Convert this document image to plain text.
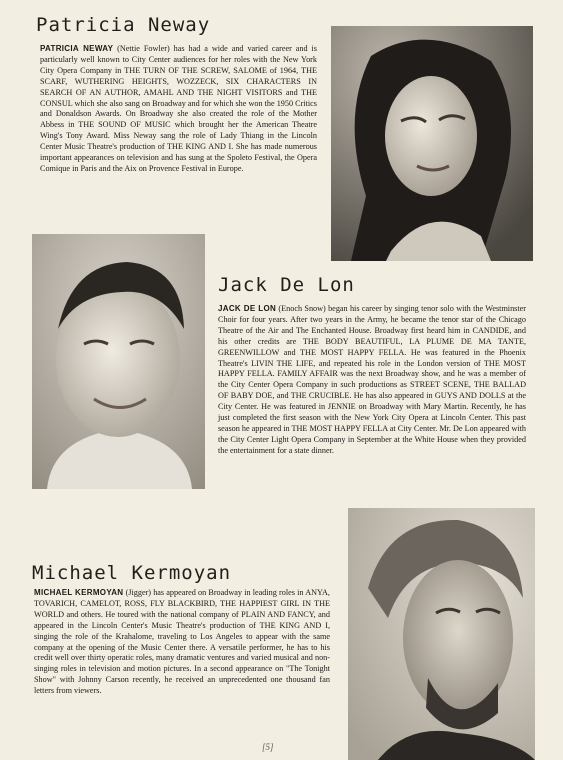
Patricia Neway

PATRICIA NEWAY (Nettie Fowler) has had a wide and varied career and is particularly well known to City Center audiences for her roles with the New York City Opera Company in THE TURN OF THE SCREW, SALOME of 1964, THE SCARF, WUTHERING HEIGHTS, WOZZECK, SIX CHARACTERS IN SEARCH OF AN AUTHOR, AMAHL AND THE NIGHT VISITORS and THE CONSUL which she also sang on Broadway and for which she won the 1950 Critics and Donaldson Awards. On Broadway she also created the role of the Mother Abbess in THE SOUND OF MUSIC which brought her the American Theatre Wing's Tony Award. Miss Neway sang the role of Lady Thiang in the Lincoln Center Music Theatre's production of THE KING AND I. She has made numerous important appearances on television and has sung at the Spoleto Festival, the Opera Comique in Paris and the Aix on Provence Festival in Europe.

Jack De Lon

JACK DE LON (Enoch Snow) began his career by singing tenor solo with the Westminster Choir for four years. After two years in the Army, he became the tenor star of the Chicago Theatre of the Air and The Enchanted House. Broadway first heard him in CANDIDE, and his other credits are THE BODY BEAUTIFUL, LA PLUME DE MA TANTE, GREENWILLOW and THE MOST HAPPY FELLA. He was featured in the Phoenix Theatre's LIVIN THE LIFE, and repeated his role in the London version of THE MOST HAPPY FELLA. FAMILY AFFAIR was the next Broadway show, and he was a member of the City Center Opera Company in such productions as STREET SCENE, THE BALLAD OF BABY DOE, and THE CRUCIBLE. He has also appeared in GUYS AND DOLLS at the City Center. He was featured in JENNIE on Broadway with Mary Martin. Recently, he has just completed the first season with the New York City Opera at Lincoln Center. This past season he appeared in THE MOST HAPPY FELLA at City Center. Mr. De Lon appeared with the City Center Light Opera Company in September at the White House when they provided the entertainment for a state dinner.

Michael Kermoyan

MICHAEL KERMOYAN (Jigger) has appeared on Broadway in leading roles in ANYA, TOVARICH, CAMELOT, ROSS, FLY BLACKBIRD, THE HAPPIEST GIRL IN THE WORLD and others. He toured with the national company of PLAIN AND FANCY, and appeared in the Lincoln Center's Music Theatre's production of THE KING AND I, singing the role of the Krahalome, traveling to Los Angeles to appear with the same company at the opening of the Music Center there. A versatile performer, he has to his credit well over thirty operatic roles, many dramatic ventures and varied musical and non-singing roles in television and motion pictures. In a second appearance on "The Tonight Show" with Johnny Carson recently, he received an unprecedented one thousand fan letters from viewers.

[5]
